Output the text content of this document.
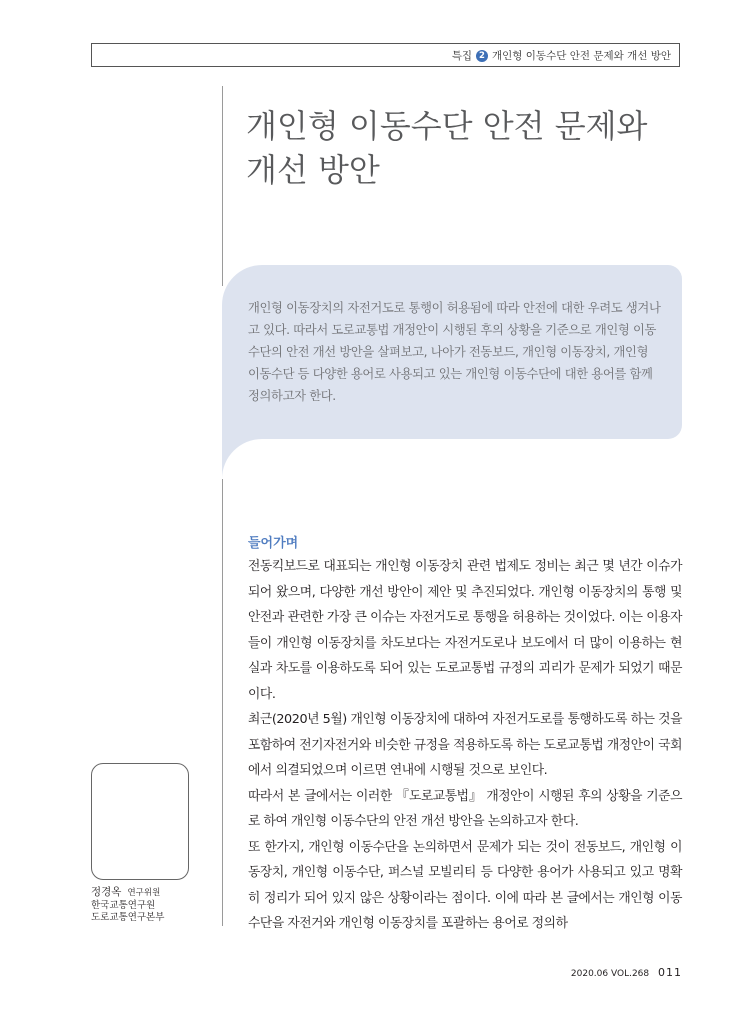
특집 2 개인형 이동수단 안전 문제와 개선 방안
개인형 이동수단 안전 문제와
개선 방안

개인형 이동장치의 자전거도로 통행이 허용됨에 따라 안전에 대한 우려도 생겨나고 있다. 따라서 도로교통법 개정안이 시행된 후의 상황을 기준으로 개인형 이동수단의 안전 개선 방안을 살펴보고, 나아가 전동보드, 개인형 이동장치, 개인형 이동수단 등 다양한 용어로 사용되고 있는 개인형 이동수단에 대한 용어를 함께 정의하고자 한다.

들어가며

전동킥보드로 대표되는 개인형 이동장치 관련 법제도 정비는 최근 몇 년간 이슈가 되어 왔으며, 다양한 개선 방안이 제안 및 추진되었다. 개인형 이동장치의 통행 및 안전과 관련한 가장 큰 이슈는 자전거도로 통행을 허용하는 것이었다. 이는 이용자들이 개인형 이동장치를 차도보다는 자전거도로나 보도에서 더 많이 이용하는 현실과 차도를 이용하도록 되어 있는 도로교통법 규정의 괴리가 문제가 되었기 때문이다.

최근(2020년 5월) 개인형 이동장치에 대하여 자전거도로를 통행하도록 하는 것을 포함하여 전기자전거와 비슷한 규정을 적용하도록 하는 도로교통법 개정안이 국회에서 의결되었으며 이르면 연내에 시행될 것으로 보인다.

따라서 본 글에서는 이러한 『도로교통법』 개정안이 시행된 후의 상황을 기준으로 하여 개인형 이동수단의 안전 개선 방안을 논의하고자 한다.

또 한가지, 개인형 이동수단을 논의하면서 문제가 되는 것이 전동보드, 개인형 이동장치, 개인형 이동수단, 퍼스널 모빌리티 등 다양한 용어가 사용되고 있고 명확히 정리가 되어 있지 않은 상황이라는 점이다. 이에 따라 본 글에서는 개인형 이동수단을 자전거와 개인형 이동장치를 포괄하는 용어로 정의하

정경옥 연구위원
한국교통연구원
도로교통연구본부
2020.06 VOL.268 011
